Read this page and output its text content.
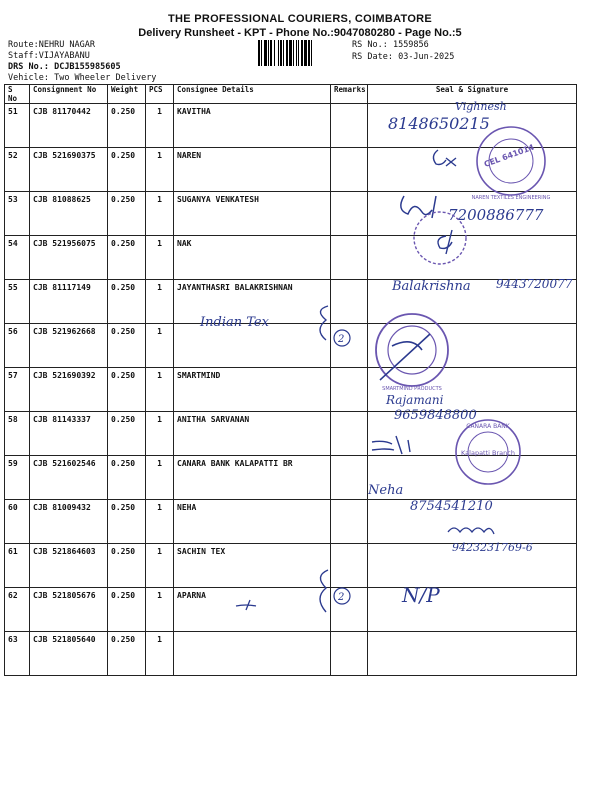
THE PROFESSIONAL COURIERS, COIMBATORE
Delivery Runsheet - KPT - Phone No.:9047080280 - Page No.:5
Route:NEHRU NAGAR
Staff:VIJAYABANU
DRS No.: DCJB155985605
Vehicle: Two Wheeler Delivery
RS No.: 1559856
RS Date: 03-Jun-2025
S No	Consignment No	Weight	PCS	Consignee Details	Remarks	Seal & Signature
51	CJB 81170442	0.250	1	KAVITHA		
52	CJB 521690375	0.250	1	NAREN		
53	CJB 81088625	0.250	1	SUGANYA VENKATESH		
54	CJB 521956075	0.250	1	NAK		
55	CJB 81117149	0.250	1	JAYANTHASRI BALAKRISHNAN		
56	CJB 521962668	0.250	1			
57	CJB 521690392	0.250	1	SMARTMIND		
58	CJB 81143337	0.250	1	ANITHA SARVANAN		
59	CJB 521602546	0.250	1	CANARA BANK KALAPATTI BR		
60	CJB 81009432	0.250	1	NEHA		
61	CJB 521864603	0.250	1	SACHIN TEX		
62	CJB 521805676	0.250	1	APARNA		
63	CJB 521805640	0.250	1			
Vighnesh
8148650215
CEL 641014
NAREN TEXTILES ENGINEERING
7200886777
Balakrishna 9443720077
Indian Tex
2
SMARTMIND PRODUCTS
Rajamani
9659848800
Kalapatti Branch
CANARA BANK
Neha
8754541210
9423231769-6
2	N/P
